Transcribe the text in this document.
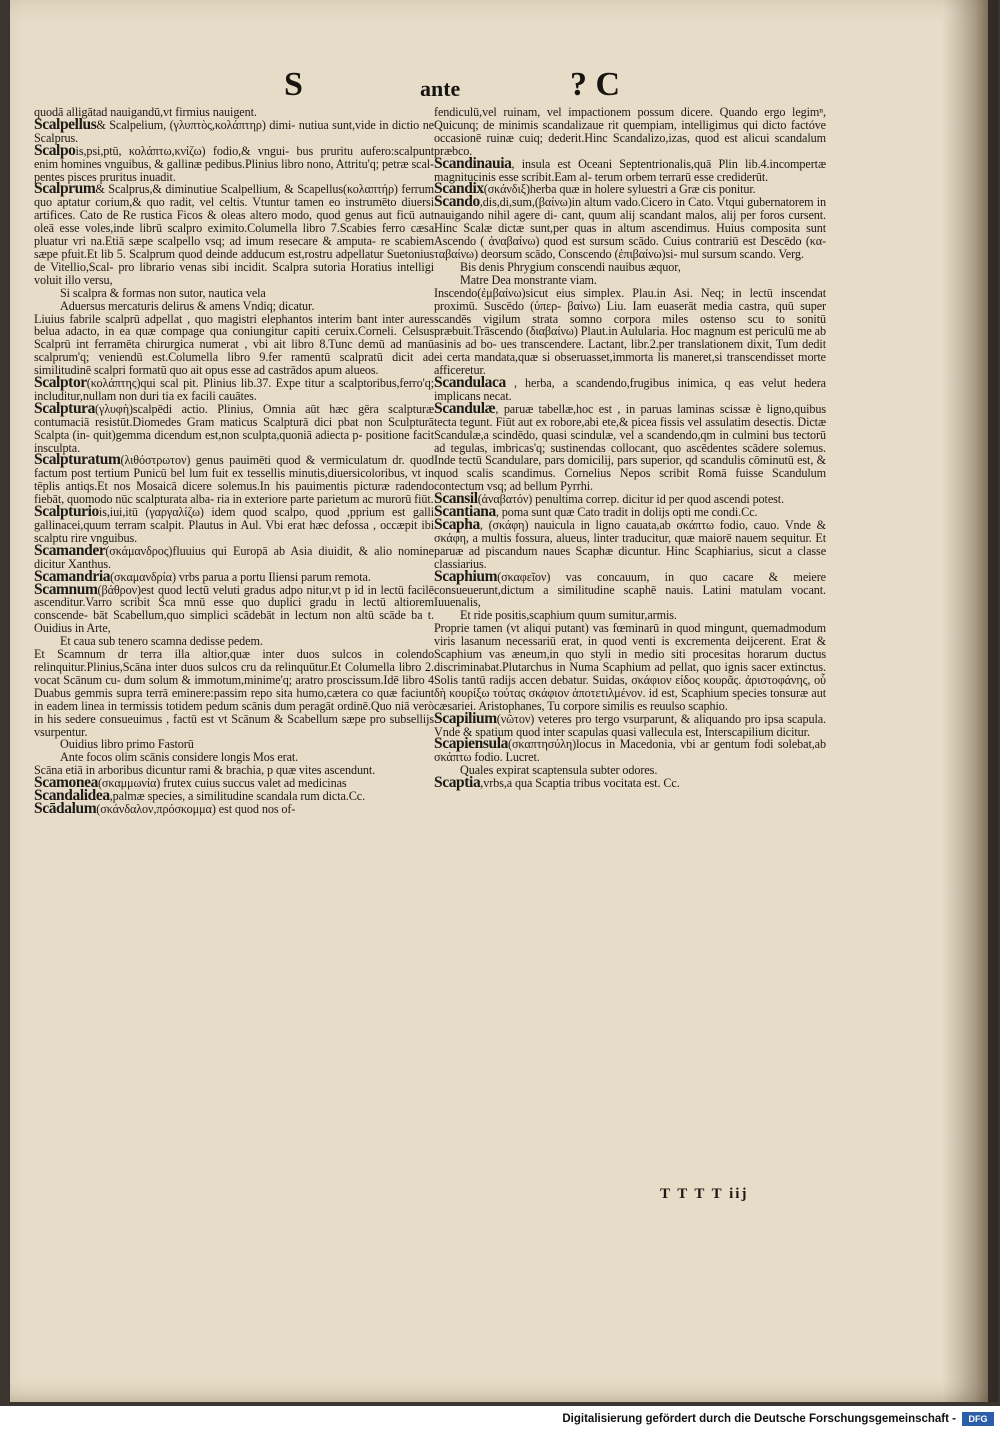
S	ante	? C

quodā alligātad nauigandū,vt firmius nauigent.

Scalpellus& Scalpelium, (γλυπτὸς,κολάπτηρ) dimi- nutiua sunt,vide in dictio ne Scalprus.

Scalpois,psi,ptū, κολάπτω,κνίζω) fodio,& vngui- bus pruritu aufero:scalpunt enim homines vnguibus, & gallinæ pedibus.Plinius libro nono, Attritu'q; petræ scal- pentes pisces pruritus inuadit.

Scalprum& Scalprus,& diminutiue Scalpellium, & Scapellus(κολαπτήρ) ferrum quo aptatur corium,& quo radit, vel celtis. Vtuntur tamen eo instrumēto diuersi artifices. Cato de Re rustica Ficos & oleas altero modo, quod genus aut ficū aut oleā esse voles,inde librū scalpro eximito.Columella libro 7.Scabies ferro cæsa pluatur vri na.Etiā sæpe scalpello vsq; ad imum resecare & amputa- re scabiem sæpe pfuit.Et lib 5. Scalprum quod deinde adducum est,rostru adpellatur Suetonius de Vitellio,Scal- pro librario venas sibi incidit. Scalpra sutoria Horatius intelligi voluit illo versu,

Si scalpra & formas non sutor, nautica vela

Aduersus mercaturis delirus & amens Vndiq; dicatur.

Liuius fabrile scalprū adpellat , quo magistri elephantos interim bant inter aures belua adacto, in ea quæ compage qua coniungitur capiti ceruix.Corneli. Celsus Scalprū int ferramēta chirurgica numerat , vbi ait libro 8.Tunc demū ad manū scalprum'q; veniendū est.Columella libro 9.fer ramentū scalpratū dicit ad similitudinē scalpri formatū quo ait opus esse ad castrādos apum alueos.

Scalptor(κολάπτης)qui scal pit. Plinius lib.37. Expe titur a scalptoribus,ferro'q; includitur,nullam non duri tia ex facili cauātes.

Scalptura(γλυφὴ)scalpēdi actio. Plinius, Omnia aūt hæc gēra scalpturæ contumaciā resistūt.Diomedes Gram maticus Scalpturā dici pbat non Sculpturā Scalpta (in- quit)gemma dicendum est,non sculpta,quoniā adiecta p- positione facit insculpta.

Scalpturatum(λιθόστρωτον) genus pauimēti quod & vermiculatum dr. quod factum post tertium Punicū bel lum fuit ex tessellis minutis,diuersicoloribus, vt in tēplis antiqs.Et nos Mosaicā dicere solemus.In his pauimentis picturæ radendo fiebāt, quomodo nūc scalpturata alba- ria in exteriore parte parietum ac murorū fiūt.

Scalpturiois,iui,itū (γαργαλίζω) idem quod scalpo, quod ,pprium est galli gallinacei,quum terram scalpit. Plautus in Aul. Vbi erat hæc defossa , occæpit ibi scalptu rire vnguibus.

Scamander(σκάμανδρος)fluuius qui Europā ab Asia diuidit, & alio nomine dicitur Xanthus.

Scamandria(σκαμανδρία) vrbs parua a portu Iliensi parum remota.

Scamnum(βάθρον)est quod lectū veluti gradus adpo nitur,vt p id in lectū facilē ascenditur.Varro scribit Sca mnū esse quo duplici gradu in lectū altiorem conscende- bāt Scabellum,quo simplici scādebāt in lectum non altū scāde ba t. Ouidius in Arte,

Et caua sub tenero scamna dedisse pedem.

Et Scamnum dr terra illa altior,quæ inter duos sulcos in colendo relinquitur.Plinius,Scāna inter duos sulcos cru da relinquūtur.Et Columella libro 2. vocat Scānum cu- dum solum & immotum,minime'q; aratro proscissum.Idē libro 4 Duabus gemmis supra terrā eminere:passim repo sita humo,cætera co quæ faciunt in eadem linea in termissis totidem pedum scānis dum peragāt ordinē.Quo niā verò in his sedere consueuimus , factū est vt Scānum & Scabellum sæpe pro subsellijs vsurpentur.

Ouidius libro primo Fastorū

Ante focos olim scānis considere longis Mos erat.

Scāna etiā in arboribus dicuntur rami & brachia, p quæ vites ascendunt.

Scamonea(σκαμμωνία) frutex cuius succus valet ad medicinas

Scandalidea,palmæ species, a similitudine scandala rum dicta.Cc.

Scādalum(σκάνδαλον,πρόσκομμα) est quod nos of-

fendiculū,vel ruinam, vel impactionem possum dicere. Quando ergo legimⁿ, Quicunq; de minimis scandalizaue rit quempiam, intelligimus qui dicto factóve occasionē ruinæ cuiq; dederit.Hinc Scandalizo,izas, quod est alicui scandalum præbco.

Scandinauia, insula est Oceani Septentrionalis,quā Plin lib.4.incompertæ magnitucinis esse scribit.Eam al- terum orbem terrarū esse crediderūt.

Scandix(σκάνδιξ)herba quæ in holere syluestri a Græ cis ponitur.

Scando,dis,di,sum,(βαίνω)in altum vado.Cicero in Cato. Vtqui gubernatorem in nauigando nihil agere di- cant, quum alij scandant malos, alij per foros cursent. Hinc Scalæ dictæ sunt,per quas in altum ascendimus. Huius composita sunt Ascendo ( ἀναβαίνω) quod est sursum scādo. Cuius contrariū est Descēdo (κα- ταβαίνω) deorsum scādo, Conscendo (ἐπιβαίνω)si- mul sursum scando. Verg.

Bis denis Phrygium conscendi nauibus æquor,

Matre Dea monstrante viam.

Inscendo(ἐμβαίνω)sicut eius simplex. Plau.in Asi. Neq; in lectū inscendat proximū. Suscēdo (ὑπερ- βαίνω) Liu. Iam euaserāt media castra, quū super scandēs vigilum strata somno corpora miles ostenso scu to sonitū præbuit.Trāscendo (διαβαίνω) Plaut.in Aulularia. Hoc magnum est periculū me ab asinis ad bo- ues transcendere. Lactant, libr.2.per translationem dixit, Tum dedit ei certa mandata,quæ si obseruasset,immorta lis maneret,si transcendisset morte afficeretur.

Scandulaca , herba, a scandendo,frugibus inimica, q eas velut hedera implicans necat.

Scandulæ, paruæ tabellæ,hoc est , in paruas laminas scissæ è ligno,quibus tecta tegunt. Fiūt aut ex robore,abi ete,& picea fissis vel assulatim desectis. Dictæ Scandulæ,a scindēdo, quasi scindulæ, vel a scandendo,qm in culmini bus tectorū ad tegulas, imbricas'q; sustinendas collocant, quo ascēdentes scādere solemus. Inde tectū Scandulare, pars domicilij, pars superior, qd scandulis cōminutū est, & quod scalis scandimus. Cornelius Nepos scribit Romā fuisse Scandulum contectum vsq; ad bellum Pyrrhi.

Scansil(ἀναβατόν) penultima correp. dicitur id per quod ascendi potest.

Scantiana, poma sunt quæ Cato tradit in dolijs opti me condi.Cc.

Scapha, (σκάφη) nauicula in ligno cauata,ab σκάπτω fodio, cauo. Vnde & σκάφη, a multis fossura, alueus, linter traducitur, quæ maiorē nauem sequitur. Et paruæ ad piscandum naues Scaphæ dicuntur. Hinc Scaphiarius, sicut a classe classiarius.

Scaphium(σκαφεῖον) vas concauum, in quo cacare & meiere consueuerunt,dictum a similitudine scaphē nauis. Latini matulam vocant. Iuuenalis,

Et ride positis,scaphium quum sumitur,armis.

Proprie tamen (vt aliqui putant) vas fœminarū in quod mingunt, quemadmodum viris lasanum necessariū erat, in quod venti is excrementa deijcerent. Erat & Scaphium vas æneum,in quo styli in medio siti procesitas horarum ductus discriminabat.Plutarchus in Numa Scaphium ad pellat, quo ignis sacer extinctus. Solis tantū radijs accen debatur. Suidas, σκάφιον εἰδος κουρᾶς. ἀριστοφάνης, οὗ δὴ κουρίξω τούτας σκάφιον ἀποτετιλμένον. id est, Scaphium species tonsuræ aut cæsariei. Aristophanes, Tu corpore similis es reuulso scaphio.

Scapilium(νῶτον) veteres pro tergo vsurparunt, & aliquando pro ipsa scapula. Vnde & spatium quod inter scapulas quasi vallecula est, Interscapilium dicitur.

Scapiensula(σκαπτησύλη)locus in Macedonia, vbi ar gentum fodi solebat,ab σκάπτω fodio. Lucret.

Quales expirat scaptensula subter odores.

Scaptia,vrbs,a qua Scaptia tribus vocitata est. Cc.

T T T T iij
Digitalisierung gefördert durch die Deutsche Forschungsgemeinschaft -	DFG
